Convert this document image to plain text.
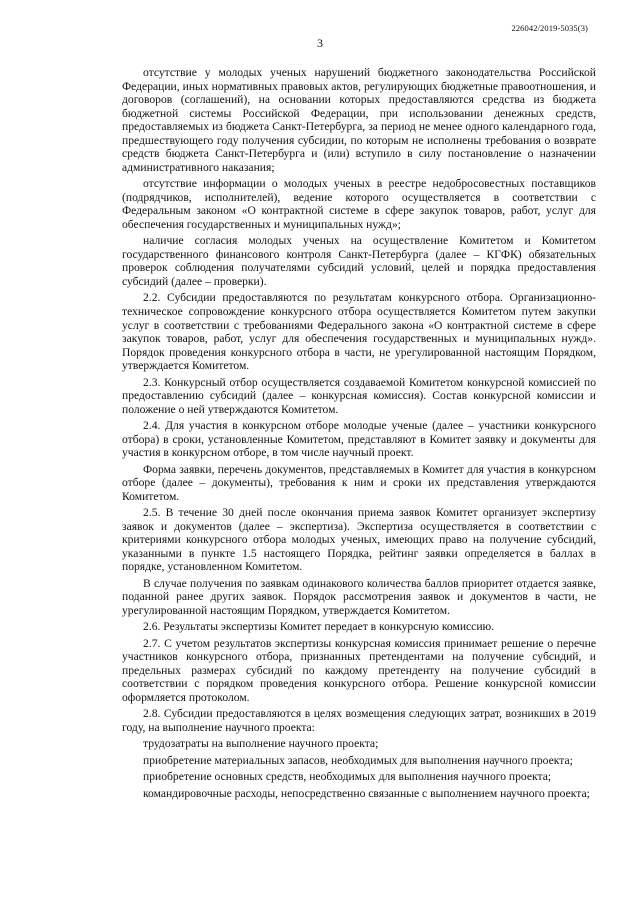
226042/2019-5035(3)
3

отсутствие у молодых ученых нарушений бюджетного законодательства Российской Федерации, иных нормативных правовых актов, регулирующих бюджетные правоотношения, и договоров (соглашений), на основании которых предоставляются средства из бюджета бюджетной системы Российской Федерации, при использовании денежных средств, предоставляемых из бюджета Санкт-Петербурга, за период не менее одного календарного года, предшествующего году получения субсидии, по которым не исполнены требования о возврате средств бюджета Санкт-Петербурга и (или) вступило в силу постановление о назначении административного наказания;

отсутствие информации о молодых ученых в реестре недобросовестных поставщиков (подрядчиков, исполнителей), ведение которого осуществляется в соответствии с Федеральным законом «О контрактной системе в сфере закупок товаров, работ, услуг для обеспечения государственных и муниципальных нужд»;

наличие согласия молодых ученых на осуществление Комитетом и Комитетом государственного финансового контроля Санкт-Петербурга (далее – КГФК) обязательных проверок соблюдения получателями субсидий условий, целей и порядка предоставления субсидий (далее – проверки).

2.2. Субсидии предоставляются по результатам конкурсного отбора. Организационно-техническое сопровождение конкурсного отбора осуществляется Комитетом путем закупки услуг в соответствии с требованиями Федерального закона «О контрактной системе в сфере закупок товаров, работ, услуг для обеспечения государственных и муниципальных нужд». Порядок проведения конкурсного отбора в части, не урегулированной настоящим Порядком, утверждается Комитетом.

2.3. Конкурсный отбор осуществляется создаваемой Комитетом конкурсной комиссией по предоставлению субсидий (далее – конкурсная комиссия). Состав конкурсной комиссии и положение о ней утверждаются Комитетом.

2.4. Для участия в конкурсном отборе молодые ученые (далее – участники конкурсного отбора) в сроки, установленные Комитетом, представляют в Комитет заявку и документы для участия в конкурсном отборе, в том числе научный проект.

Форма заявки, перечень документов, представляемых в Комитет для участия в конкурсном отборе (далее – документы), требования к ним и сроки их представления утверждаются Комитетом.

2.5. В течение 30 дней после окончания приема заявок Комитет организует экспертизу заявок и документов (далее – экспертиза). Экспертиза осуществляется в соответствии с критериями конкурсного отбора молодых ученых, имеющих право на получение субсидий, указанными в пункте 1.5 настоящего Порядка, рейтинг заявки определяется в баллах в порядке, установленном Комитетом.

В случае получения по заявкам одинакового количества баллов приоритет отдается заявке, поданной ранее других заявок. Порядок рассмотрения заявок и документов в части, не урегулированной настоящим Порядком, утверждается Комитетом.

2.6. Результаты экспертизы Комитет передает в конкурсную комиссию.

2.7. С учетом результатов экспертизы конкурсная комиссия принимает решение о перечне участников конкурсного отбора, признанных претендентами на получение субсидий, и предельных размерах субсидий по каждому претенденту на получение субсидий в соответствии с порядком проведения конкурсного отбора. Решение конкурсной комиссии оформляется протоколом.

2.8. Субсидии предоставляются в целях возмещения следующих затрат, возникших в 2019 году, на выполнение научного проекта:

трудозатраты на выполнение научного проекта;

приобретение материальных запасов, необходимых для выполнения научного проекта;

приобретение основных средств, необходимых для выполнения научного проекта;

командировочные расходы, непосредственно связанные с выполнением научного проекта;
